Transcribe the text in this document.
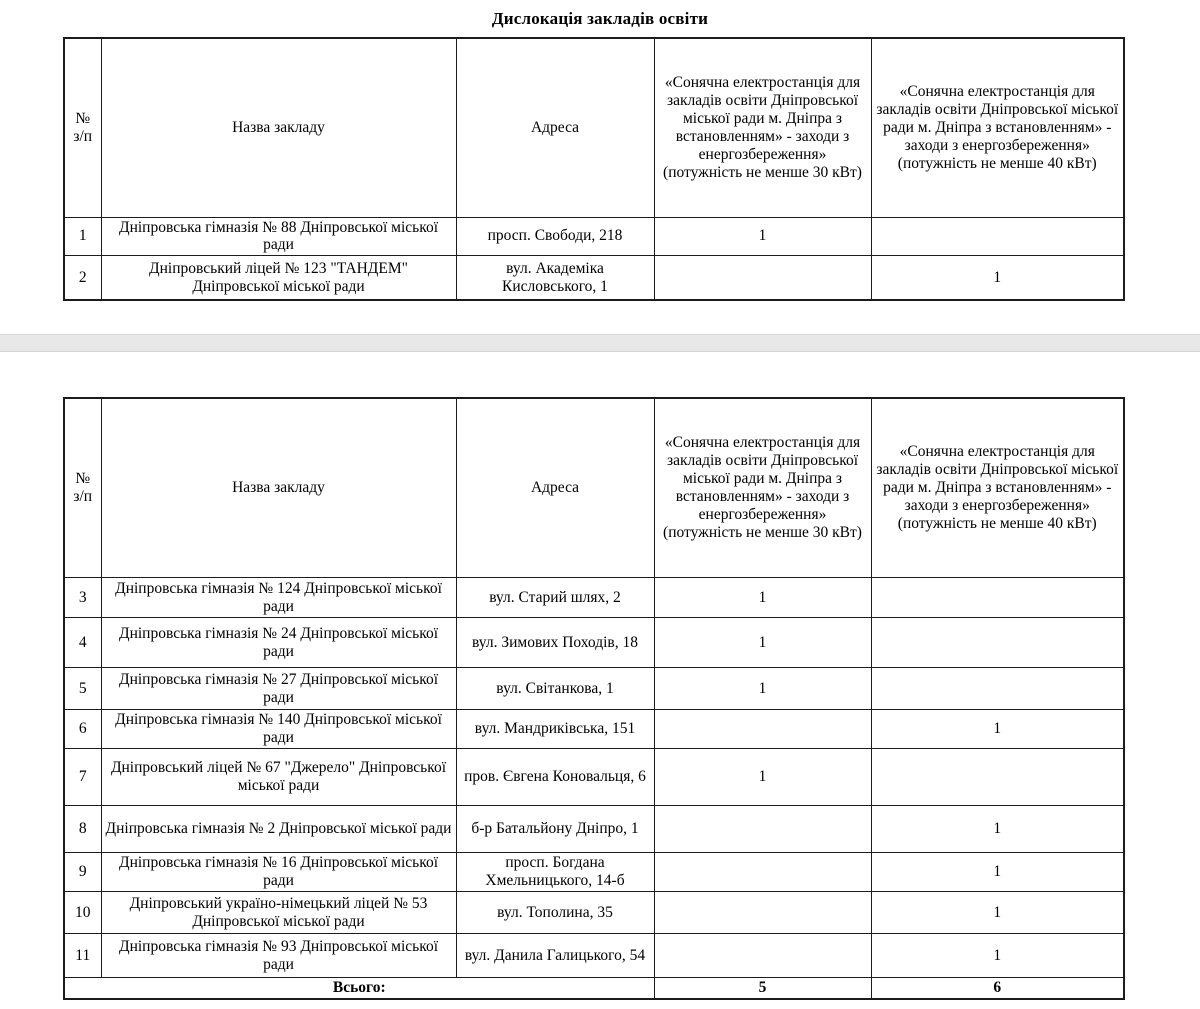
Дислокація закладів освіти
№ з/п	Назва закладу	Адреса	«Сонячна електростанція для закладів освіти Дніпровської міської ради м. Дніпра з встановленням» - заходи з енергозбереження» (потужність не менше 30 кВт)	«Сонячна електростанція для закладів освіти Дніпровської міської ради м. Дніпра з встановленням» - заходи з енергозбереження» (потужність не менше 40 кВт)
1	Дніпровська гімназія № 88 Дніпровської міської ради	просп. Свободи, 218	1	
2	Дніпровський ліцей № 123 "ТАНДЕМ" Дніпровської міської ради	вул. Академіка Кисловського, 1		1
№ з/п	Назва закладу	Адреса	«Сонячна електростанція для закладів освіти Дніпровської міської ради м. Дніпра з встановленням» - заходи з енергозбереження» (потужність не менше 30 кВт)	«Сонячна електростанція для закладів освіти Дніпровської міської ради м. Дніпра з встановленням» - заходи з енергозбереження» (потужність не менше 40 кВт)
3	Дніпровська гімназія № 124 Дніпровської міської ради	вул. Старий шлях, 2	1	
4	Дніпровська гімназія № 24 Дніпровської міської ради	вул. Зимових Походів, 18	1	
5	Дніпровська гімназія № 27 Дніпровської міської ради	вул. Світанкова, 1	1	
6	Дніпровська гімназія № 140 Дніпровської міської ради	вул. Мандриківська, 151		1
7	Дніпровський ліцей № 67 "Джерело" Дніпровської міської ради	пров. Євгена Коновальця, 6	1	
8	Дніпровська гімназія № 2 Дніпровської міської ради	б-р Батальйону Дніпро, 1		1
9	Дніпровська гімназія № 16 Дніпровської міської ради	просп. Богдана Хмельницького, 14-б		1
10	Дніпровський україно-німецький ліцей № 53 Дніпровської міської ради	вул. Тополина, 35		1
11	Дніпровська гімназія № 93 Дніпровської міської ради	вул. Данила Галицького, 54		1
Всього:			5	6
